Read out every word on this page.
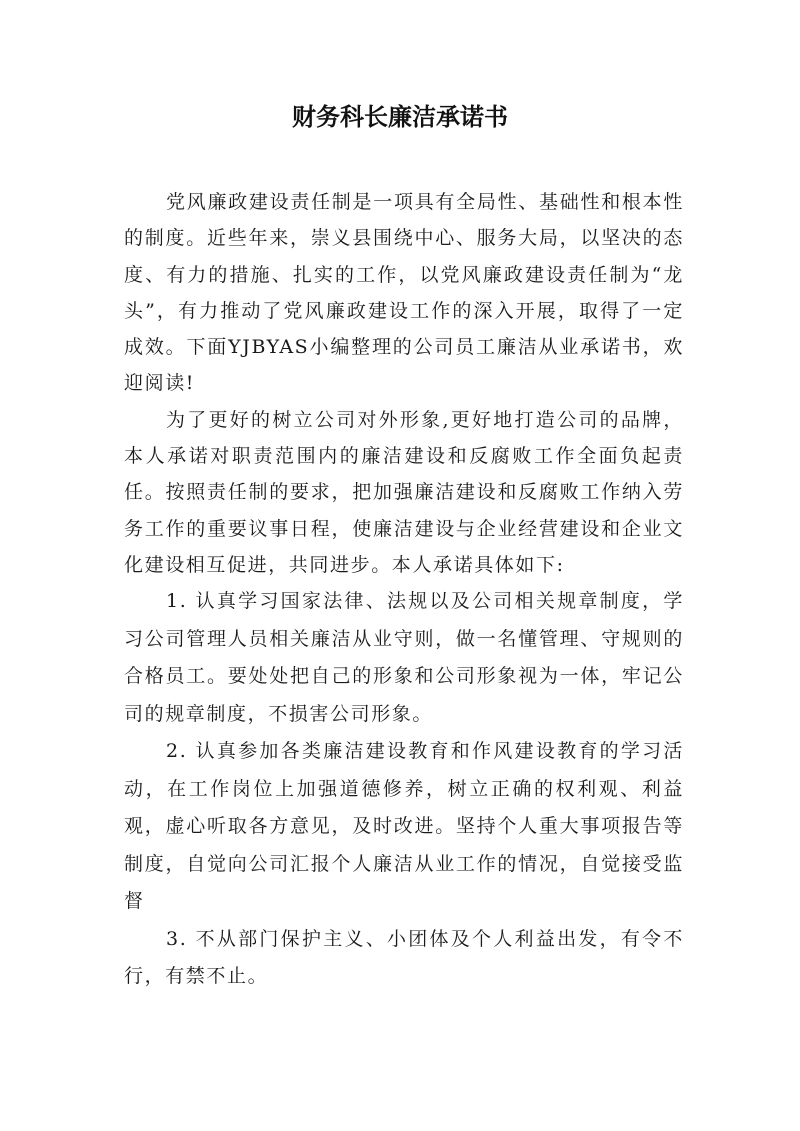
财务科长廉洁承诺书

党风廉政建设责任制是一项具有全局性、基础性和根本性的制度。近些年来，崇义县围绕中心、服务大局，以坚决的态度、有力的措施、扎实的工作，以党风廉政建设责任制为“龙头”，有力推动了党风廉政建设工作的深入开展，取得了一定成效。下面YJBYAS小编整理的公司员工廉洁从业承诺书，欢迎阅读!

为了更好的树立公司对外形象,更好地打造公司的品牌，本人承诺对职责范围内的廉洁建设和反腐败工作全面负起责任。按照责任制的要求，把加强廉洁建设和反腐败工作纳入劳务工作的重要议事日程，使廉洁建设与企业经营建设和企业文化建设相互促进，共同进步。本人承诺具体如下:

1. 认真学习国家法律、法规以及公司相关规章制度，学习公司管理人员相关廉洁从业守则，做一名懂管理、守规则的合格员工。要处处把自己的形象和公司形象视为一体，牢记公司的规章制度，不损害公司形象。

2. 认真参加各类廉洁建设教育和作风建设教育的学习活动，在工作岗位上加强道德修养，树立正确的权利观、利益观，虚心听取各方意见，及时改进。坚持个人重大事项报告等制度，自觉向公司汇报个人廉洁从业工作的情况，自觉接受监督

3. 不从部门保护主义、小团体及个人利益出发，有令不行，有禁不止。
